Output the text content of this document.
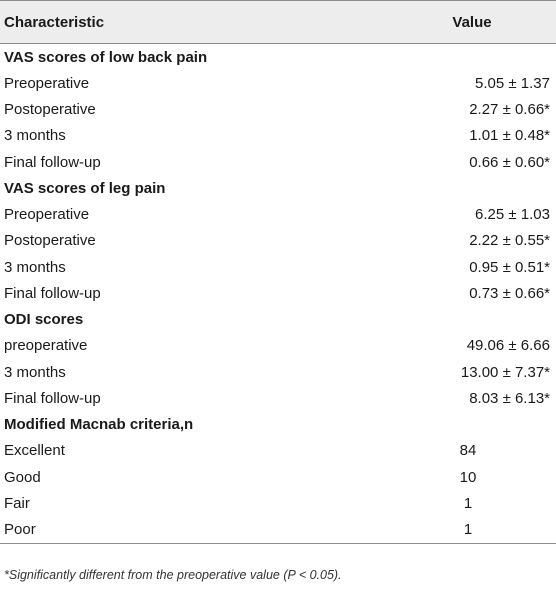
Characteristic	Value
VAS scores of low back pain	
Preoperative	5.05 ± 1.37
Postoperative	2.27 ± 0.66*
3 months	1.01 ± 0.48*
Final follow-up	0.66 ± 0.60*
VAS scores of leg pain	
Preoperative	6.25 ± 1.03
Postoperative	2.22 ± 0.55*
3 months	0.95 ± 0.51*
Final follow-up	0.73 ± 0.66*
ODI scores	
preoperative	49.06 ± 6.66
3 months	13.00 ± 7.37*
Final follow-up	8.03 ± 6.13*
Modified Macnab criteria,n	
Excellent	84
Good	10
Fair	1
Poor	1
*Significantly different from the preoperative value (P < 0.05).
